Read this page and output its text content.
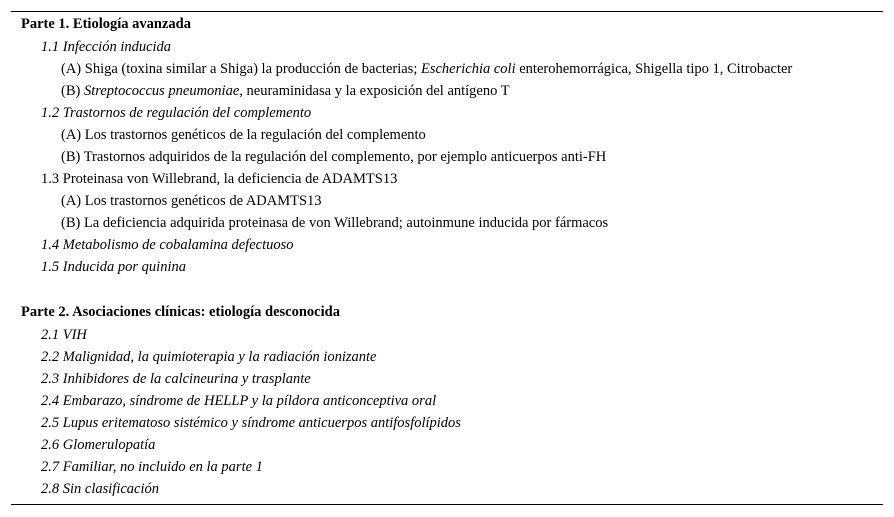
Parte 1. Etiología avanzada
1.1 Infección inducida
(A) Shiga (toxina similar a Shiga) la producción de bacterias; Escherichia coli enterohemorrágica, Shigella tipo 1, Citrobacter
(B) Streptococcus pneumoniae, neuraminidasa y la exposición del antígeno T
1.2 Trastornos de regulación del complemento
(A) Los trastornos genéticos de la regulación del complemento
(B) Trastornos adquiridos de la regulación del complemento, por ejemplo anticuerpos anti-FH
1.3 Proteinasa von Willebrand, la deficiencia de ADAMTS13
(A) Los trastornos genéticos de ADAMTS13
(B) La deficiencia adquirida proteinasa de von Willebrand; autoinmune inducida por fármacos
1.4 Metabolismo de cobalamina defectuoso
1.5 Inducida por quinina
Parte 2. Asociaciones clínicas: etiología desconocida
2.1 VIH
2.2 Malignidad, la quimioterapia y la radiación ionizante
2.3 Inhibidores de la calcineurina y trasplante
2.4 Embarazo, síndrome de HELLP y la píldora anticonceptiva oral
2.5 Lupus eritematoso sistémico y síndrome anticuerpos antifosfolípidos
2.6 Glomerulopatía
2.7 Familiar, no incluido en la parte 1
2.8 Sin clasificación
